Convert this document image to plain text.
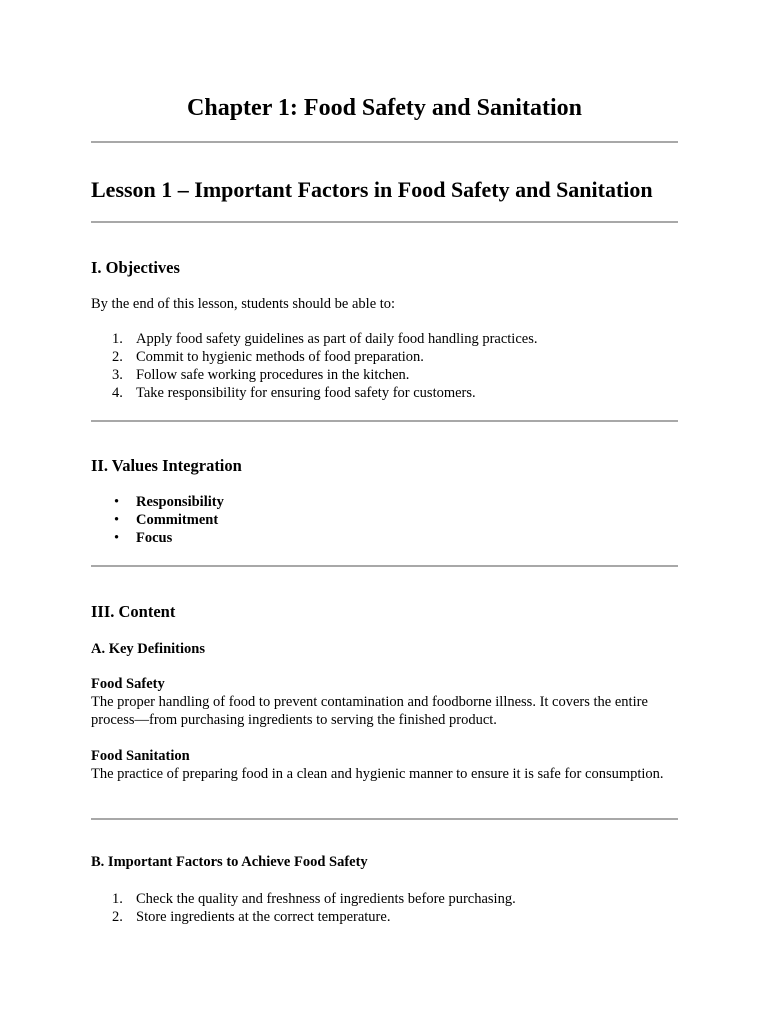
Chapter 1: Food Safety and Sanitation
Lesson 1 – Important Factors in Food Safety and Sanitation
I. Objectives

By the end of this lesson, students should be able to:

1. Apply food safety guidelines as part of daily food handling practices.
2. Commit to hygienic methods of food preparation.
3. Follow safe working procedures in the kitchen.
4. Take responsibility for ensuring food safety for customers.
II. Values Integration
• Responsibility
• Commitment
• Focus
III. Content
A. Key Definitions

Food Safety
The proper handling of food to prevent contamination and foodborne illness. It covers the entire process—from purchasing ingredients to serving the finished product.

Food Sanitation
The practice of preparing food in a clean and hygienic manner to ensure it is safe for consumption.

B. Important Factors to Achieve Food Safety
1. Check the quality and freshness of ingredients before purchasing.
2. Store ingredients at the correct temperature.
